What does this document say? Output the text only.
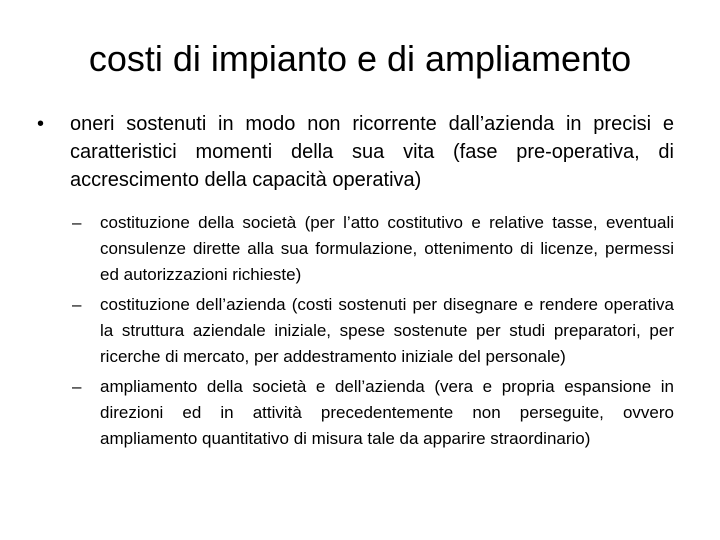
costi di impianto e di ampliamento

• oneri sostenuti in modo non ricorrente dall’azienda in precisi e caratteristici momenti della sua vita (fase pre-operativa, di accrescimento della capacità operativa)

– costituzione della società (per l’atto costitutivo e relative tasse, eventuali consulenze dirette alla sua formulazione, ottenimento di licenze, permessi ed autorizzazioni richieste)

– costituzione dell’azienda (costi sostenuti per disegnare e rendere operativa la struttura aziendale iniziale, spese sostenute per studi preparatori, per ricerche di mercato, per addestramento iniziale del personale)

– ampliamento della società e dell’azienda (vera e propria espansione in direzioni ed in attività precedentemente non perseguite, ovvero ampliamento quantitativo di misura tale da apparire straordinario)
